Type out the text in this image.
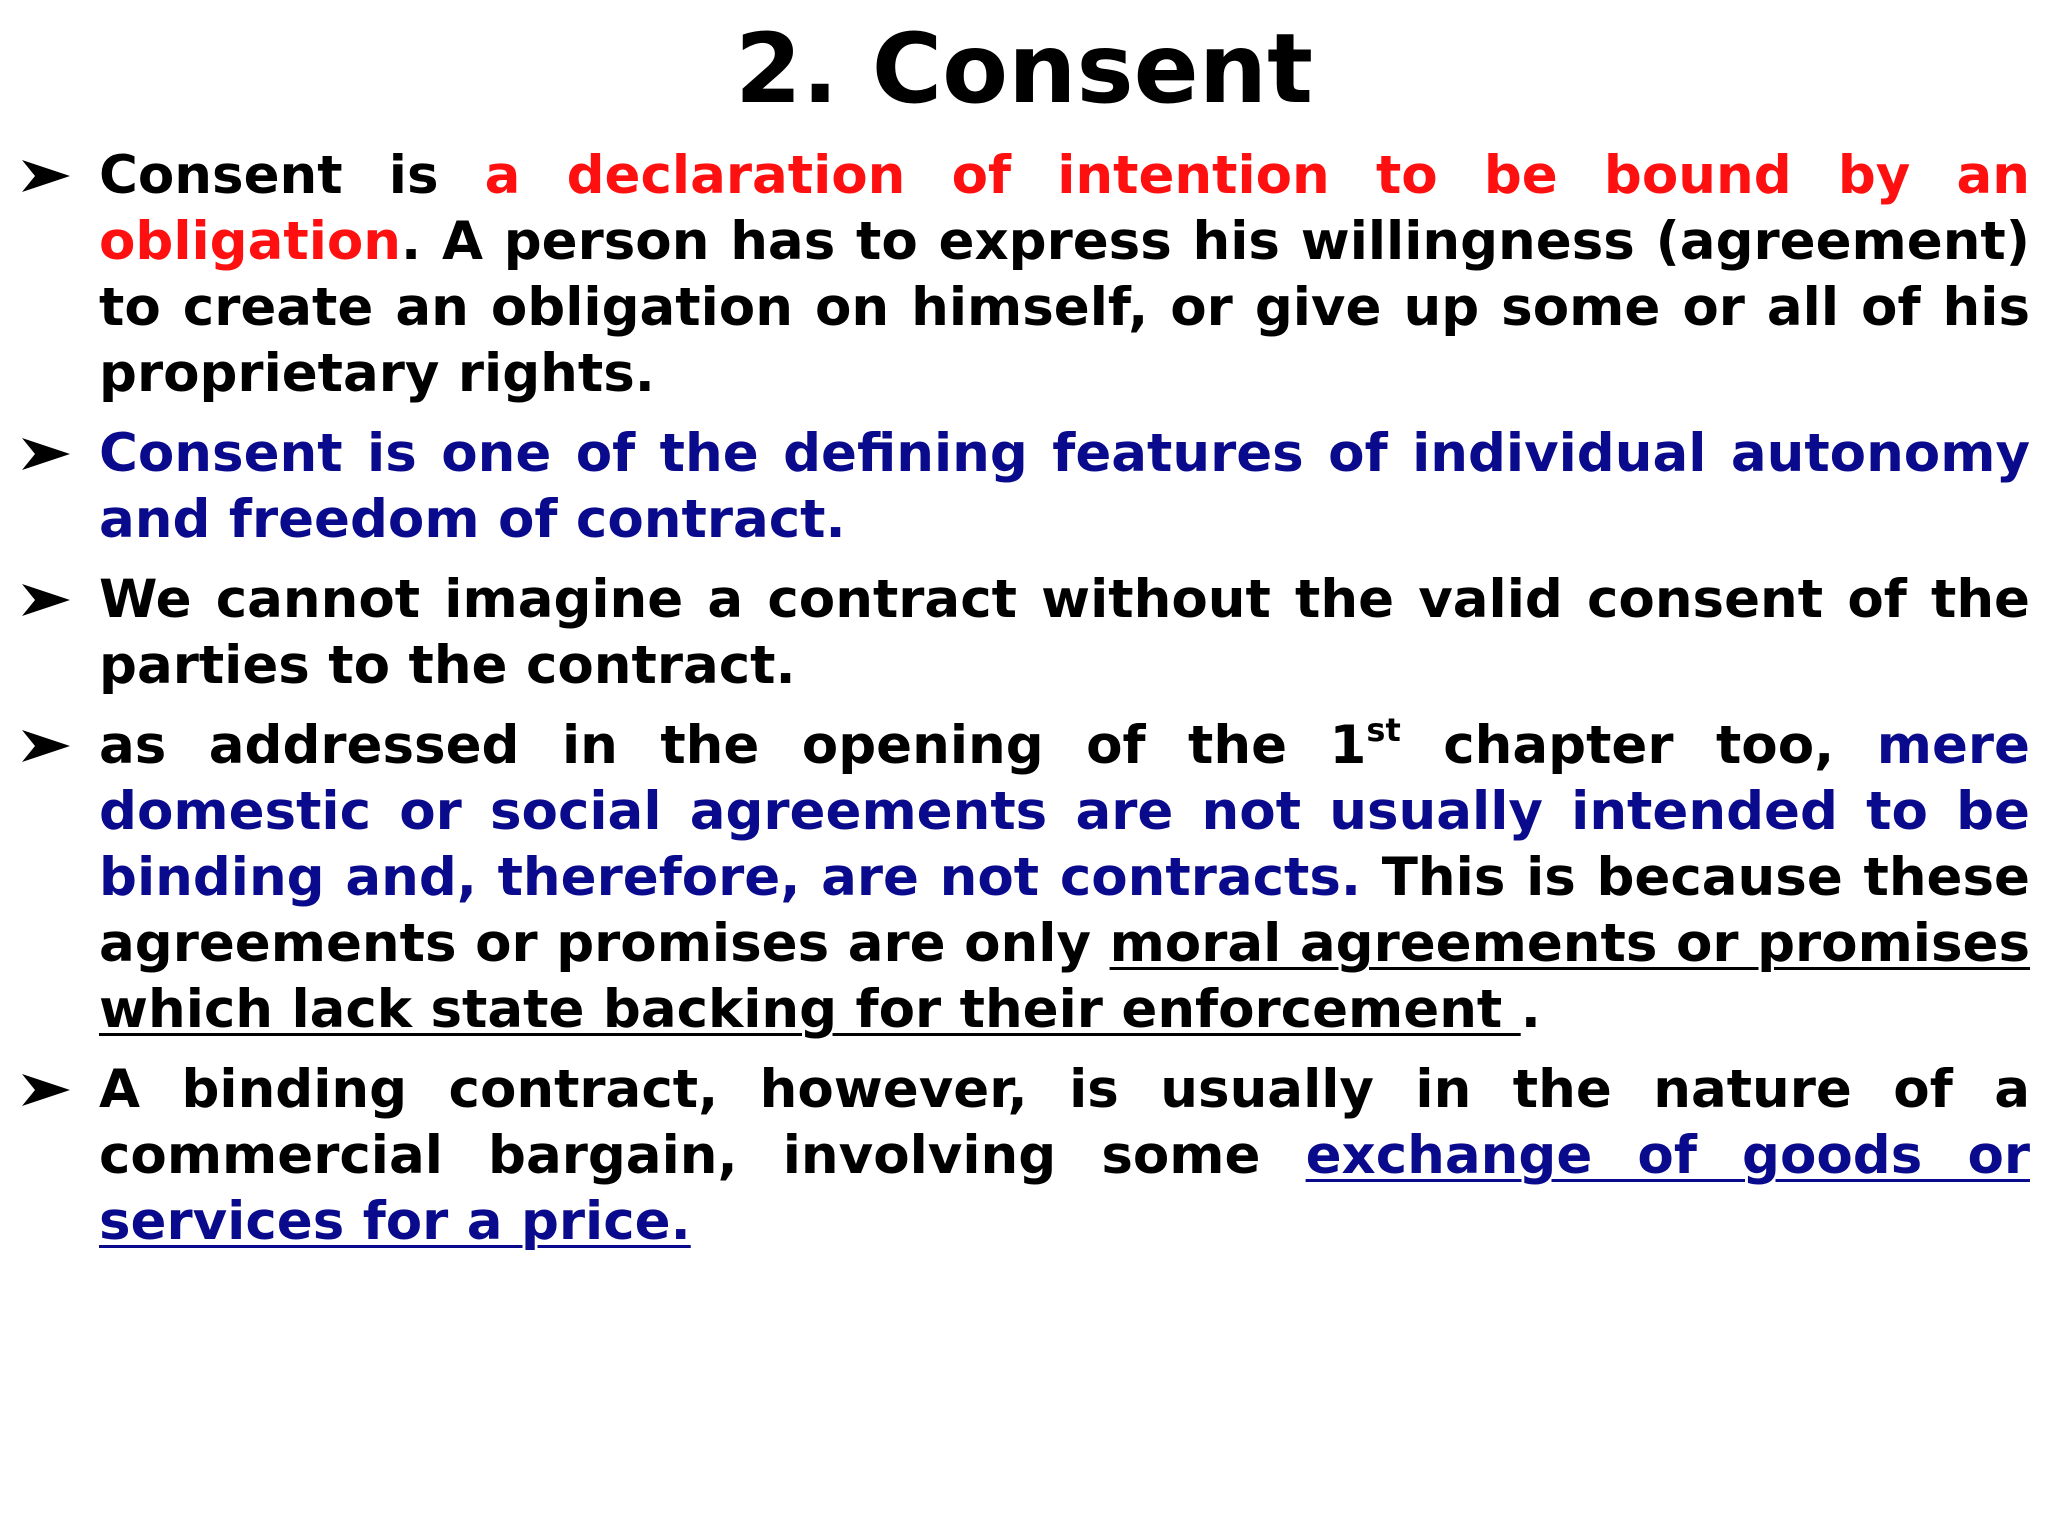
2. Consent
Consent is a declaration of intention to be bound by an obligation. A person has to express his willingness (agreement) to create an obligation on himself, or give up some or all of his proprietary rights.
Consent is one of the defining features of individual autonomy and freedom of contract.
We cannot imagine a contract without the valid consent of the parties to the contract.
as addressed in the opening of the 1st chapter too, mere domestic or social agreements are not usually intended to be binding and, therefore, are not contracts. This is because these agreements or promises are only moral agreements or promises which lack state backing for their enforcement .
A binding contract, however, is usually in the nature of a commercial bargain, involving some exchange of goods or services for a price.
